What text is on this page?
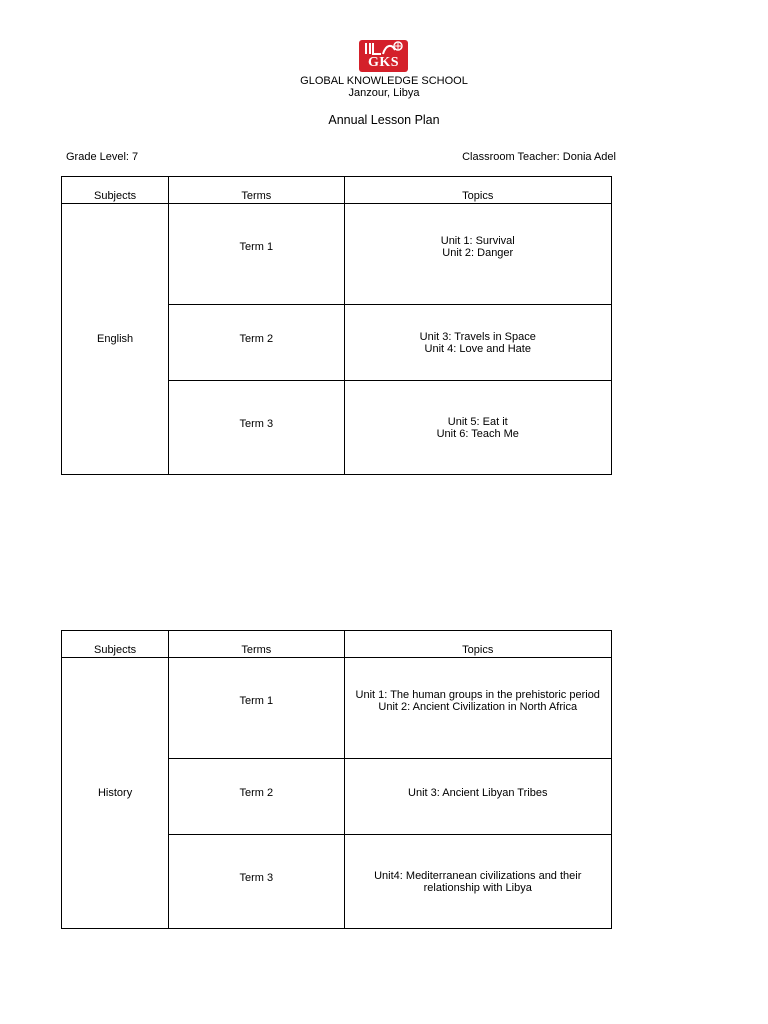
GKS
GLOBAL KNOWLEDGE SCHOOL
Janzour, Libya
Annual Lesson Plan
Grade Level: 7	Classroom Teacher: Donia Adel
Subjects	Terms	Topics
English	Term 1	Unit 1: Survival
Unit 2: Danger

	Term 2	Unit 3: Travels in Space
Unit 4: Love and Hate

	Term 3	Unit 5: Eat it
Unit 6: Teach Me
Subjects	Terms	Topics
History	Term 1	Unit 1: The human groups in the prehistoric period
Unit 2: Ancient Civilization in North Africa

	Term 2	Unit 3: Ancient Libyan Tribes

	Term 3	Unit4: Mediterranean civilizations and their
relationship with Libya
